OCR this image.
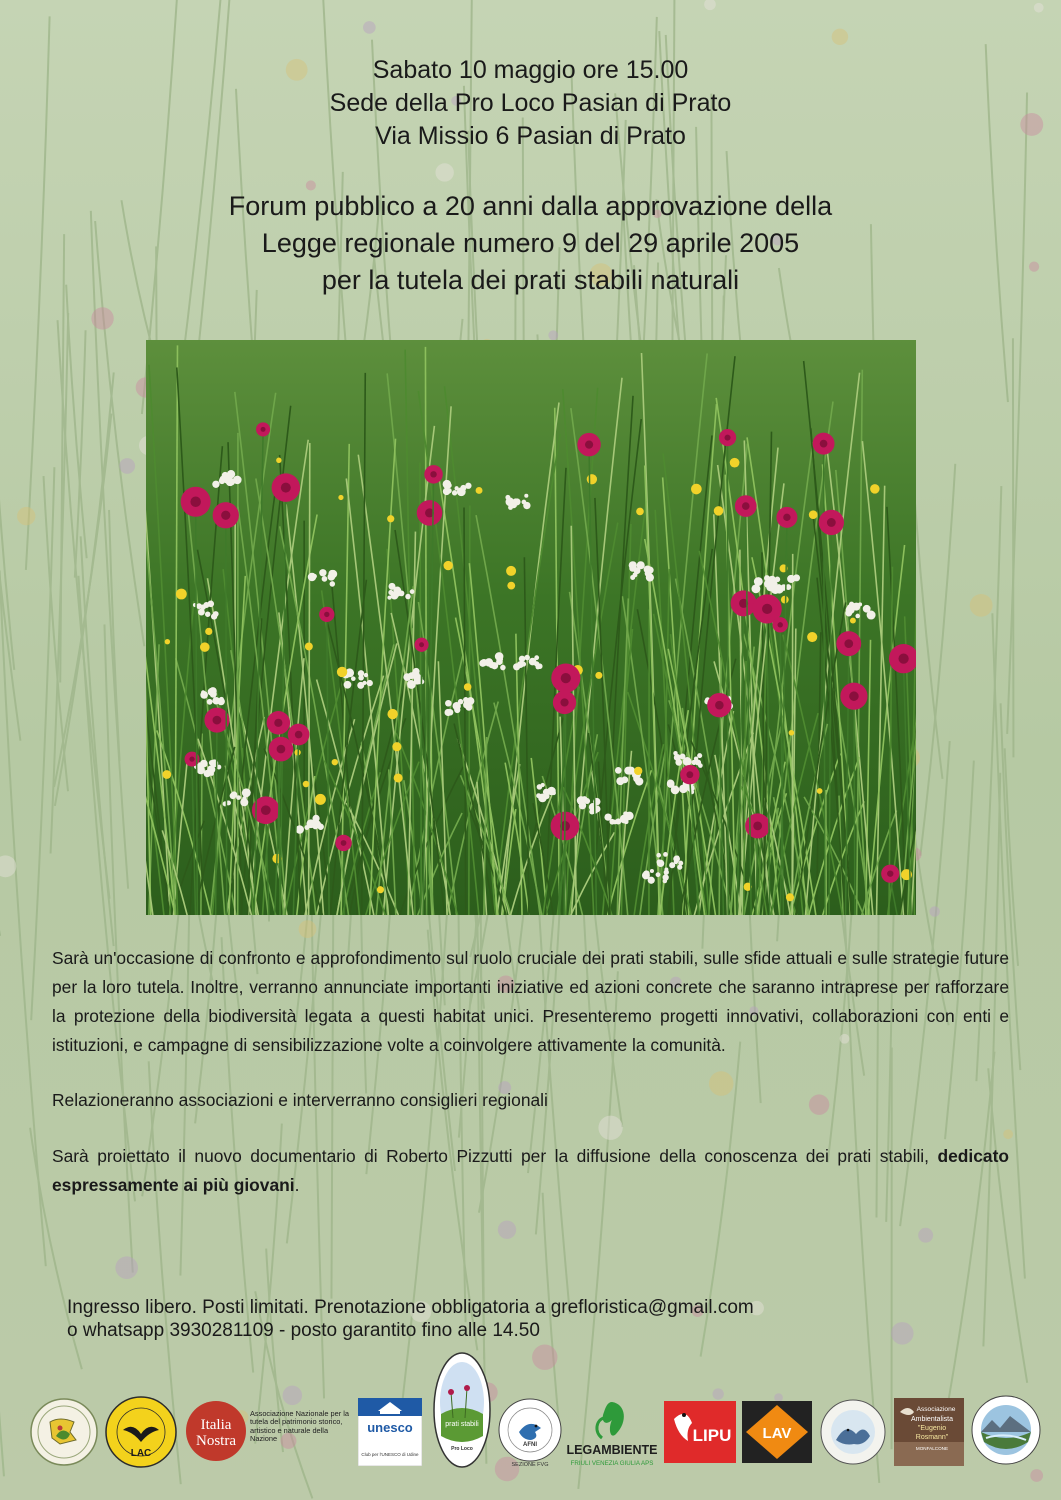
Sabato 10 maggio ore 15.00

Sede della Pro Loco Pasian di Prato

Via Missio 6 Pasian di Prato

Forum pubblico a 20 anni dalla approvazione della

Legge regionale numero 9 del 29 aprile 2005

per la tutela dei prati stabili naturali

Sarà un'occasione di confronto e approfondimento sul ruolo cruciale dei prati stabili, sulle sfide attuali e sulle strategie future per la loro tutela. Inoltre, verranno annunciate importanti iniziative ed azioni concrete che saranno intraprese per rafforzare la protezione della biodiversità legata a questi habitat unici. Presenteremo progetti innovativi, collaborazioni con enti e istituzioni, e campagne di sensibilizzazione volte a coinvolgere attivamente la comunità.

Relazioneranno associazioni e interverranno consiglieri regionali

Sarà proiettato il nuovo documentario di Roberto Pizzutti per la diffusione della conoscenza dei prati stabili, dedicato espressamente ai più giovani.

Ingresso libero. Posti limitati. Prenotazione obbligatoria a grefloristica@gmail.com

o whatsapp 3930281109 - posto garantito fino alle 14.50

LAC
Italia
Nostra
Associazione Nazionale per la tutela del patrimonio storico, artistico e naturale della Nazione
unesco
Club per l'UNESCO di Udine
prati stabili
Pro Loco
AFNI
SEZIONE FVG
LEGAMBIENTE
FRIULI VENEZIA GIULIA APS
LIPU LAV
Associazione
Ambientalista
"Eugenio
Rosmann"
MONFALCONE
